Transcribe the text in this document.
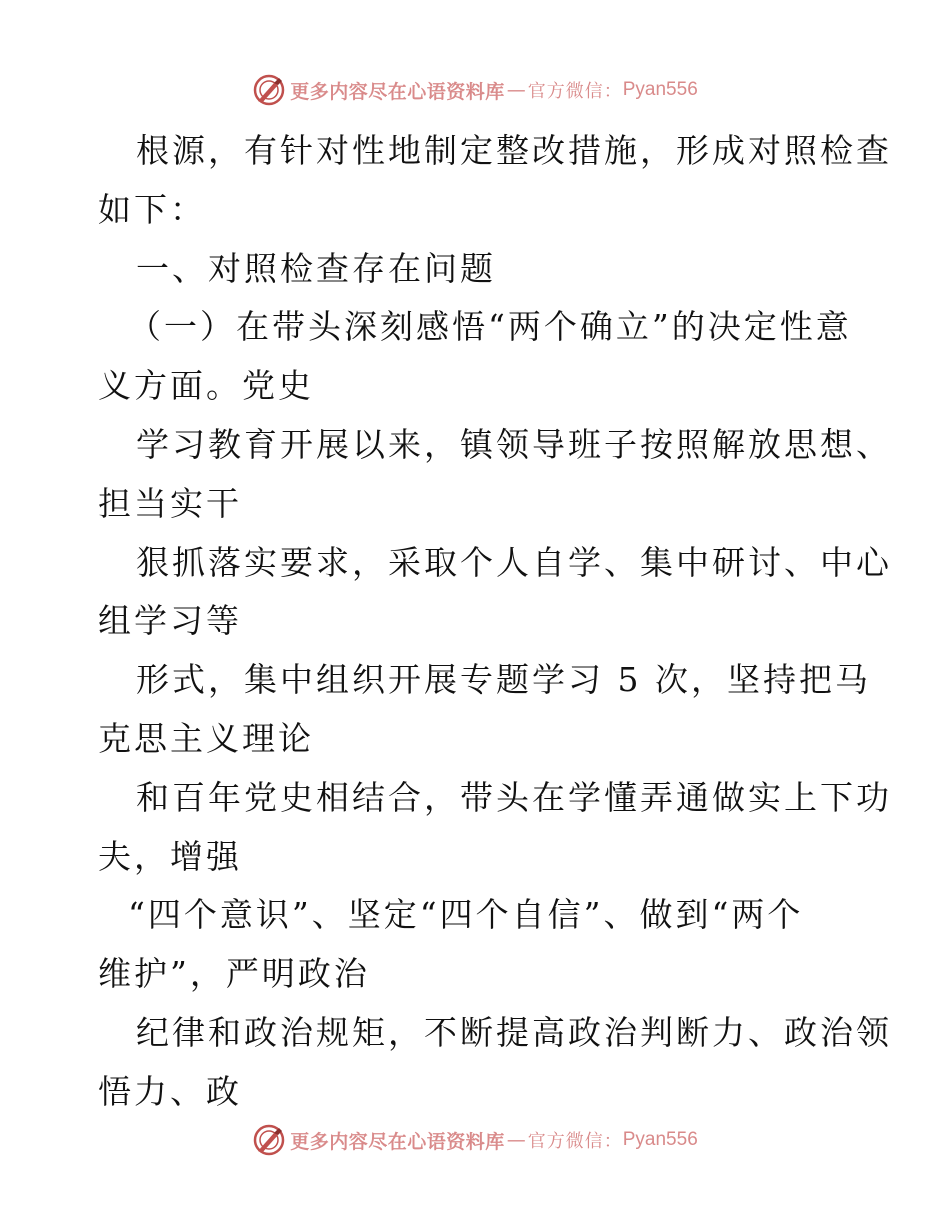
更多内容尽在心语资料库 — 官方微信： Pyan556
根源，有针对性地制定整改措施，形成对照检查
如下：
一、对照检查存在问题
（一）在带头深刻感悟“两个确立”的决定性意
义方面。党史
学习教育开展以来，镇领导班子按照解放思想、
担当实干
狠抓落实要求，采取个人自学、集中研讨、中心
组学习等
形式，集中组织开展专题学习 5 次，坚持把马
克思主义理论
和百年党史相结合，带头在学懂弄通做实上下功
夫，增强
“四个意识”、坚定“四个自信”、做到“两个
维护”，严明政治
纪律和政治规矩，不断提高政治判断力、政治领
悟力、政
更多内容尽在心语资料库 — 官方微信： Pyan556
